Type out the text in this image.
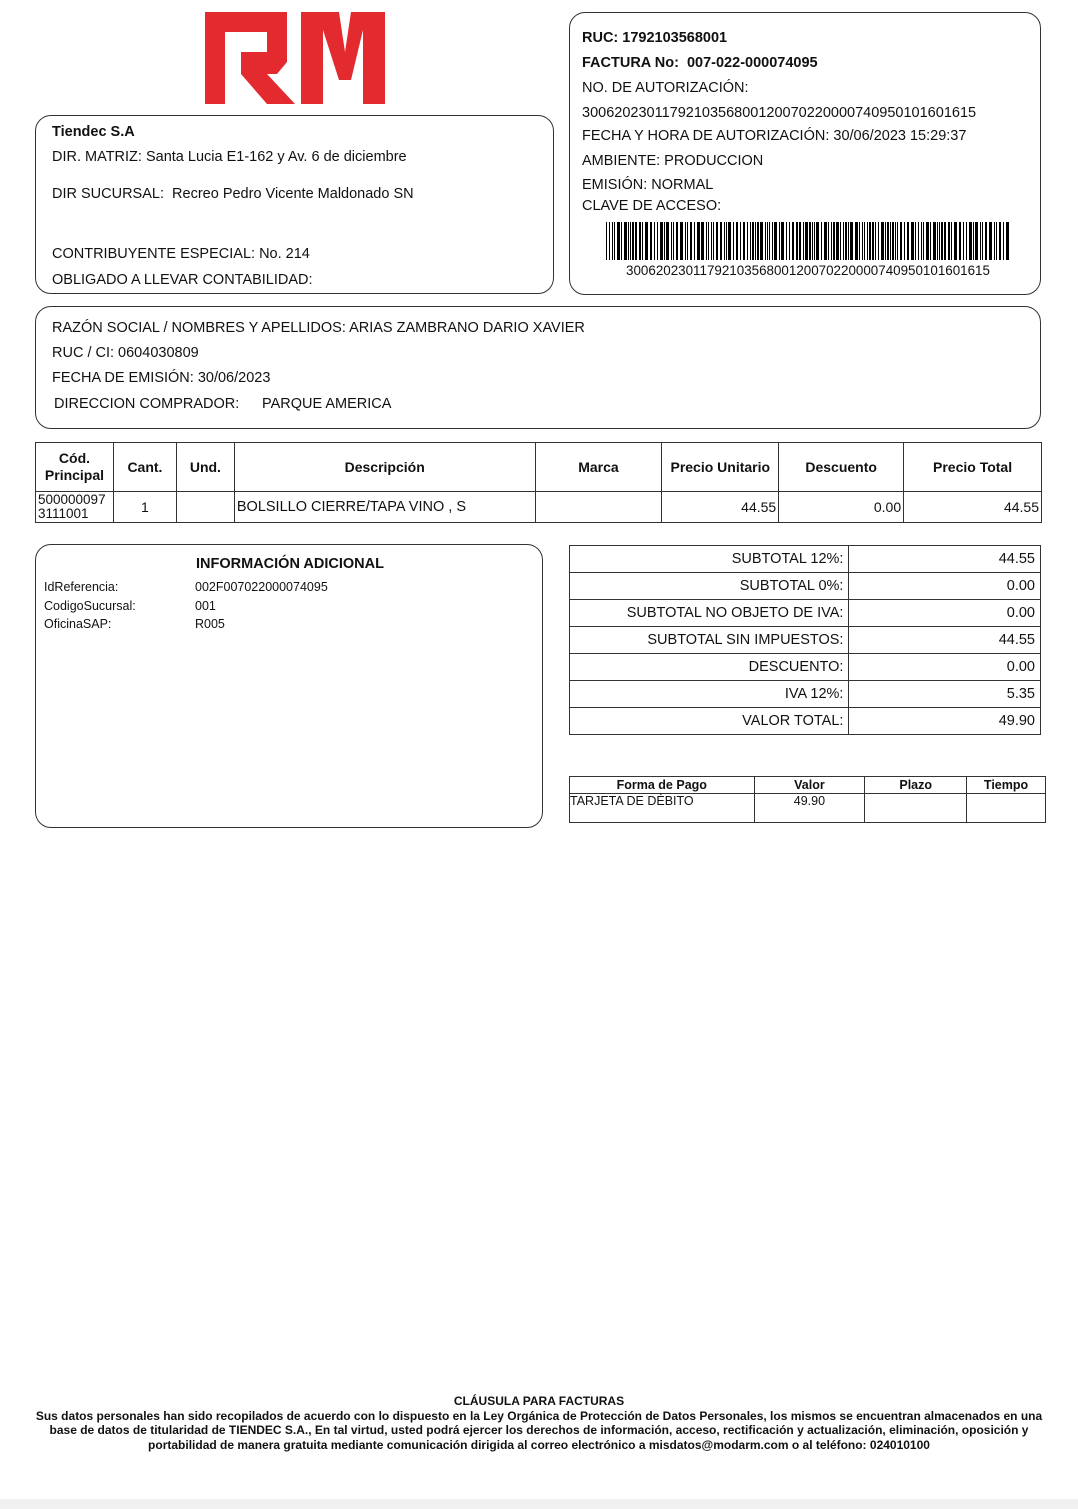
Tiendec S.A
DIR. MATRIZ: Santa Lucia E1-162 y Av. 6 de diciembre
DIR SUCURSAL:  Recreo Pedro Vicente Maldonado SN
CONTRIBUYENTE ESPECIAL: No. 214
OBLIGADO A LLEVAR CONTABILIDAD:
RUC: 1792103568001
FACTURA No:  007-022-000074095
NO. DE AUTORIZACIÓN:
3006202301179210356800120070220000740950101601615
FECHA Y HORA DE AUTORIZACIÓN: 30/06/2023 15:29:37
AMBIENTE: PRODUCCION
EMISIÓN: NORMAL
CLAVE DE ACCESO:
3006202301179210356800120070220000740950101601615
RAZÓN SOCIAL / NOMBRES Y APELLIDOS: ARIAS ZAMBRANO DARIO XAVIER
RUC / CI: 0604030809
FECHA DE EMISIÓN: 30/06/2023
DIRECCION COMPRADOR: PARQUE AMERICA
Cód. Principal	Cant.	Und.	Descripción	Marca	Precio Unitario	Descuento	Precio Total
5000000973111001	1		BOLSILLO CIERRE/TAPA VINO , S		44.55	0.00	44.55
INFORMACIÓN ADICIONAL
IdReferencia:	002F007022000074095
CodigoSucursal:	001
OficinaSAP:	R005
SUBTOTAL 12%:	44.55
SUBTOTAL 0%:	0.00
SUBTOTAL NO OBJETO DE IVA:	0.00
SUBTOTAL SIN IMPUESTOS:	44.55
DESCUENTO:	0.00
IVA 12%:	5.35
VALOR TOTAL:	49.90
Forma de Pago	Valor	Plazo	Tiempo
TARJETA DE DÉBITO	49.90		
CLÁUSULA PARA FACTURAS
Sus datos personales han sido recopilados de acuerdo con lo dispuesto en la Ley Orgánica de Protección de Datos Personales, los mismos se encuentran almacenados en una base de datos de titularidad de TIENDEC S.A., En tal virtud, usted podrá ejercer los derechos de información, acceso, rectificación y actualización, eliminación, oposición y portabilidad de manera gratuita mediante comunicación dirigida al correo electrónico a misdatos@modarm.com o al teléfono: 024010100
